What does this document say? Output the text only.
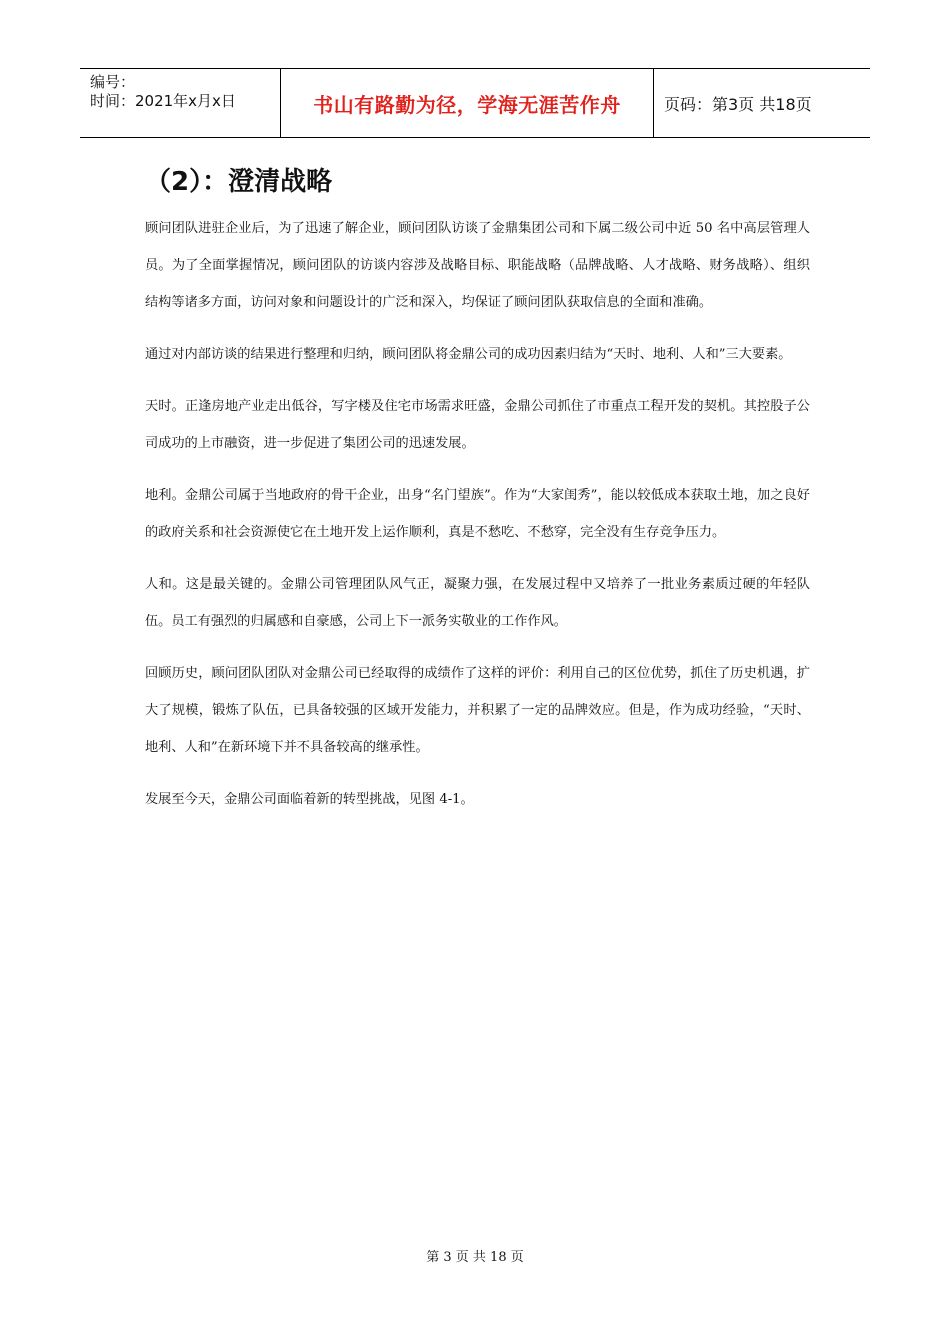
编号：
时间：2021年x月x日	书山有路勤为径，学海无涯苦作舟	页码：第3页 共18页
（2）：澄清战略

顾问团队进驻企业后，为了迅速了解企业，顾问团队访谈了金鼎集团公司和下属二级公司中近 50 名中高层管理人员。为了全面掌握情况，顾问团队的访谈内容涉及战略目标、职能战略（品牌战略、人才战略、财务战略）、组织结构等诸多方面，访问对象和问题设计的广泛和深入，均保证了顾问团队获取信息的全面和准确。

通过对内部访谈的结果进行整理和归纳，顾问团队将金鼎公司的成功因素归结为“天时、地利、人和”三大要素。

天时。正逢房地产业走出低谷，写字楼及住宅市场需求旺盛，金鼎公司抓住了市重点工程开发的契机。其控股子公司成功的上市融资，进一步促进了集团公司的迅速发展。

地利。金鼎公司属于当地政府的骨干企业，出身“名门望族”。作为“大家闺秀”，能以较低成本获取土地，加之良好的政府关系和社会资源使它在土地开发上运作顺利，真是不愁吃、不愁穿，完全没有生存竞争压力。

人和。这是最关键的。金鼎公司管理团队风气正，凝聚力强，在发展过程中又培养了一批业务素质过硬的年轻队伍。员工有强烈的归属感和自豪感，公司上下一派务实敬业的工作作风。

回顾历史，顾问团队团队对金鼎公司已经取得的成绩作了这样的评价：利用自己的区位优势，抓住了历史机遇，扩大了规模，锻炼了队伍，已具备较强的区域开发能力，并积累了一定的品牌效应。但是，作为成功经验，“天时、地利、人和”在新环境下并不具备较高的继承性。

发展至今天，金鼎公司面临着新的转型挑战，见图 4-1。

第 3 页 共 18 页
